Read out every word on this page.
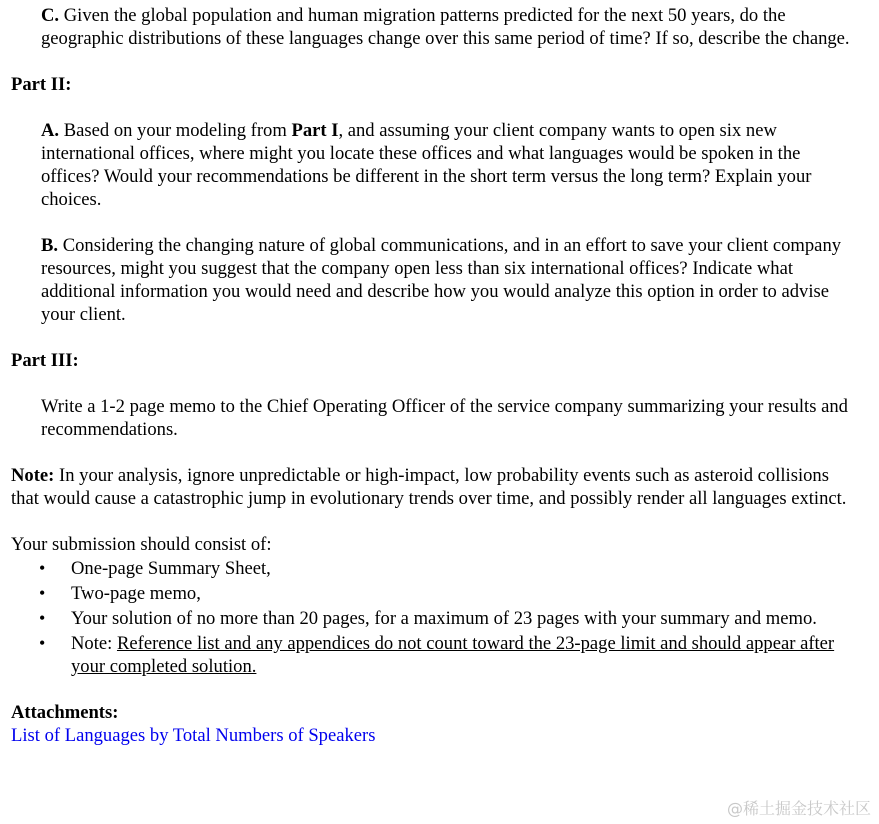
C. Given the global population and human migration patterns predicted for the next 50 years, do the geographic distributions of these languages change over this same period of time? If so, describe the change.

Part II:

A. Based on your modeling from Part I, and assuming your client company wants to open six new international offices, where might you locate these offices and what languages would be spoken in the offices? Would your recommendations be different in the short term versus the long term? Explain your choices.

B. Considering the changing nature of global communications, and in an effort to save your client company resources, might you suggest that the company open less than six international offices? Indicate what additional information you would need and describe how you would analyze this option in order to advise your client.

Part III:

Write a 1-2 page memo to the Chief Operating Officer of the service company summarizing your results and recommendations.

Note: In your analysis, ignore unpredictable or high-impact, low probability events such as asteroid collisions that would cause a catastrophic jump in evolutionary trends over time, and possibly render all languages extinct.

Your submission should consist of:

• One-page Summary Sheet,
• Two-page memo,
• Your solution of no more than 20 pages, for a maximum of 23 pages with your summary and memo.
• Note: Reference list and any appendices do not count toward the 23-page limit and should appear after your completed solution.

Attachments:

List of Languages by Total Numbers of Speakers

@稀土掘金技术社区
